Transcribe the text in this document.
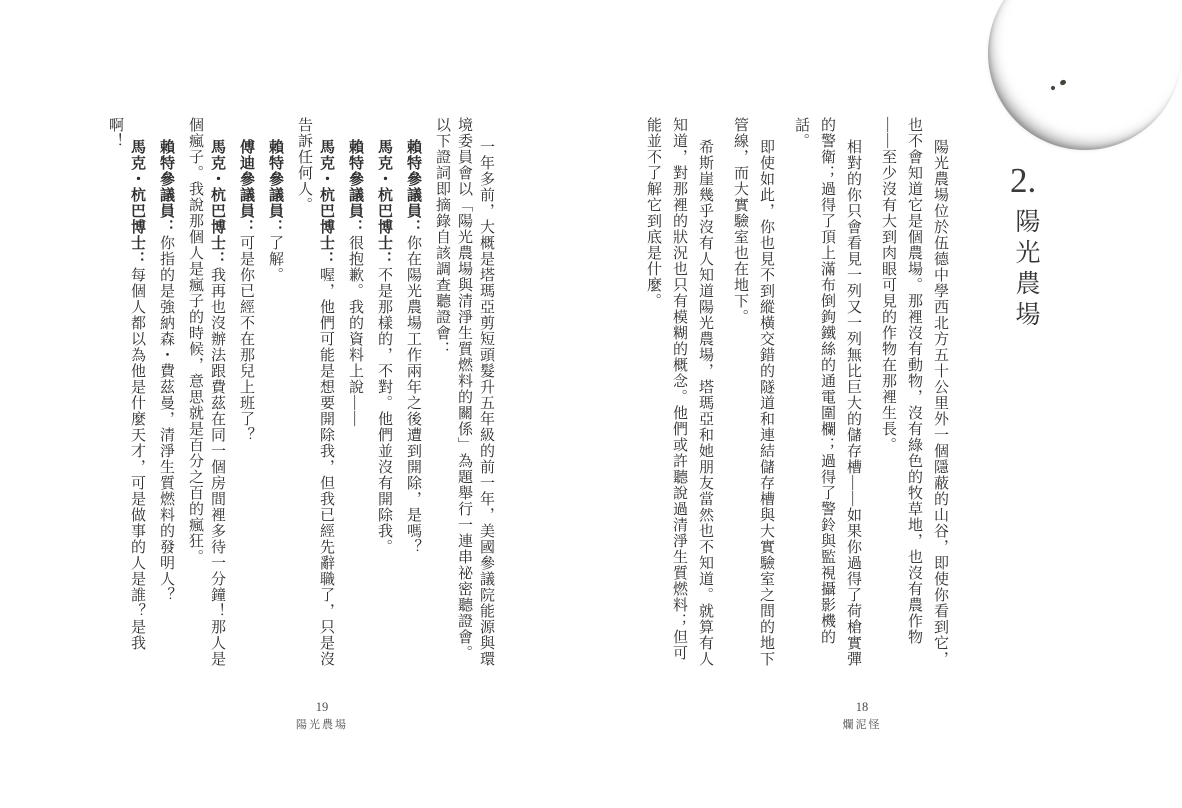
2.
陽光農場

陽光農場位於伍德中學西北方五十公里外一個隱蔽的山谷，即使你看到它，也不會知道它是個農場。那裡沒有動物，沒有綠色的牧草地，也沒有農作物——至少沒有大到肉眼可見的作物在那裡生長。

相對的你只會看見一列又一列無比巨大的儲存槽——如果你過得了荷槍實彈的警衛；過得了頂上滿布倒鉤鐵絲的通電圍欄；過得了警鈴與監視攝影機的話。

即使如此，你也見不到縱橫交錯的隧道和連結儲存槽與大實驗室之間的地下管線，而大實驗室也在地下。

希斯崖幾乎沒有人知道陽光農場，塔瑪亞和她朋友當然也不知道。就算有人知道，對那裡的狀況也只有模糊的概念。他們或許聽說過清淨生質燃料；但可能並不了解它到底是什麼。

一年多前，大概是塔瑪亞剪短頭髮升五年級的前一年，美國參議院能源與環境委員會以「陽光農場與清淨生質燃料的關係」為題舉行一連串祕密聽證會。以下證詞即摘錄自該調查聽證會：

賴特參議員：你在陽光農場工作兩年之後遭到開除，是嗎？

馬克・杭巴博士：不是那樣的，不對。他們並沒有開除我。

賴特參議員：很抱歉。我的資料上說——

馬克・杭巴博士：喔，他們可能是想要開除我，但我已經先辭職了，只是沒告訴任何人。

賴特參議員：了解。

傅迪參議員：可是你已經不在那兒上班了？

馬克・杭巴博士：我再也沒辦法跟費茲在同一個房間裡多待一分鐘！那人是個瘋子。我說那個人是瘋子的時候，意思就是百分之百的瘋狂。

賴特參議員：你指的是強納森・費茲曼，清淨生質燃料的發明人？

馬克・杭巴博士：每個人都以為他是什麼天才，可是做事的人是誰？是我啊！

18
爛泥怪
19
陽光農場
